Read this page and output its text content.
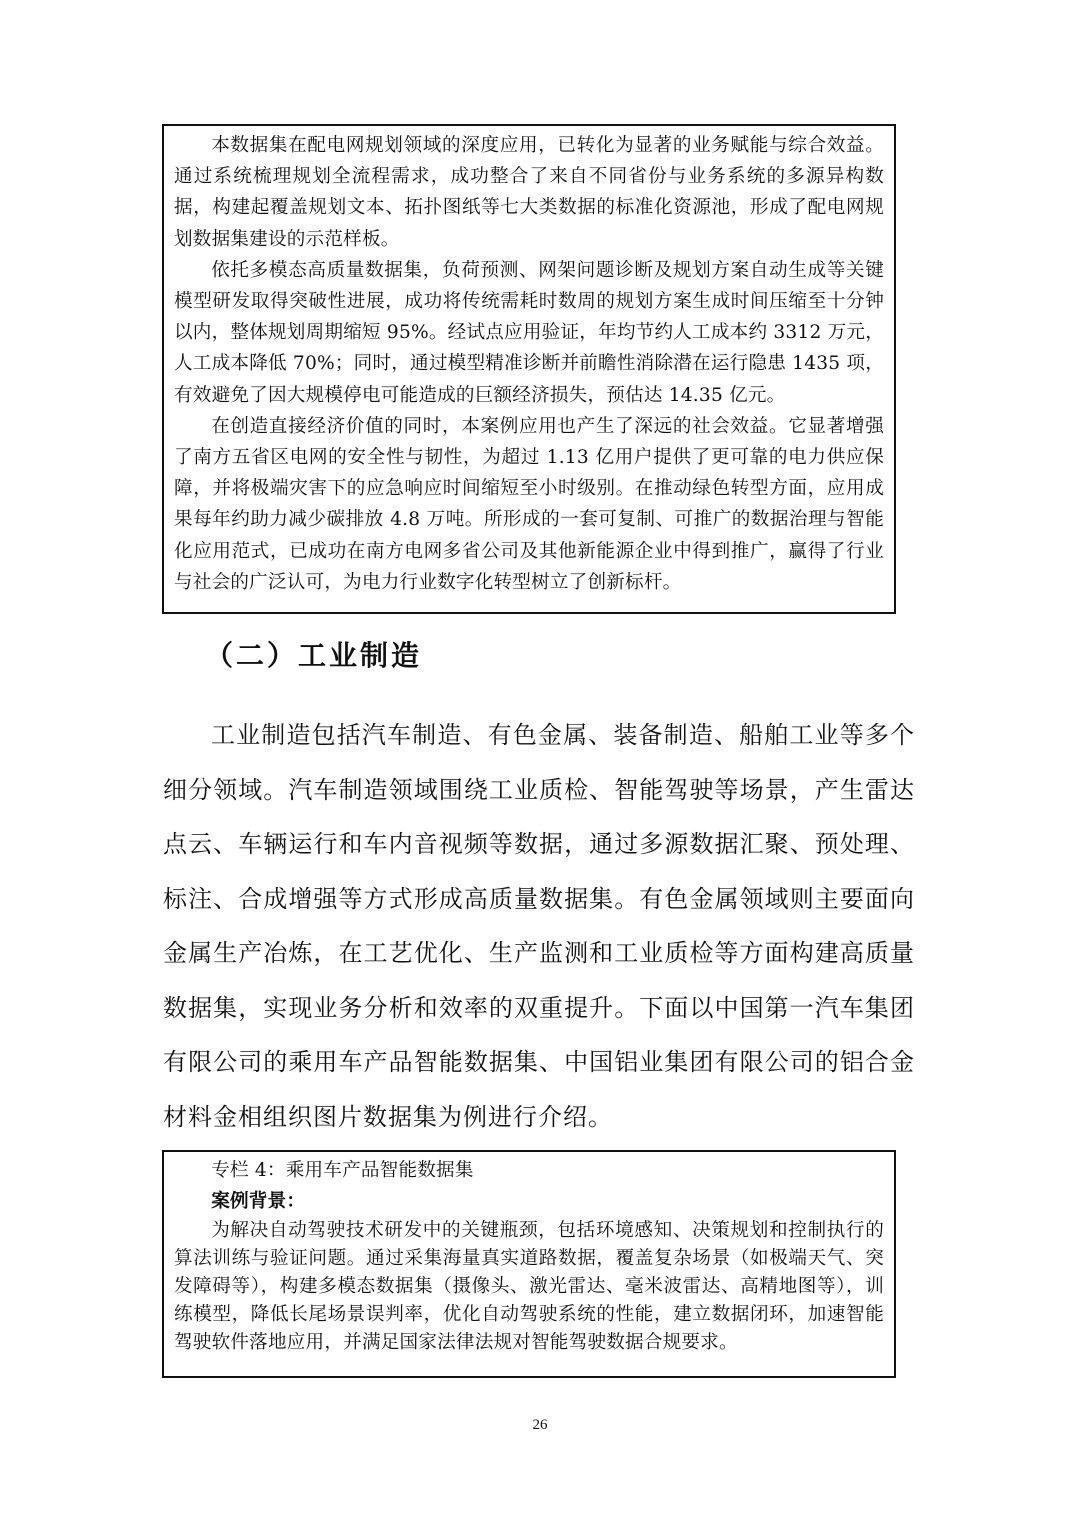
本数据集在配电网规划领域的深度应用，已转化为显著的业务赋能与综合效益。通过系统梳理规划全流程需求，成功整合了来自不同省份与业务系统的多源异构数据，构建起覆盖规划文本、拓扑图纸等七大类数据的标准化资源池，形成了配电网规划数据集建设的示范样板。

依托多模态高质量数据集，负荷预测、网架问题诊断及规划方案自动生成等关键模型研发取得突破性进展，成功将传统需耗时数周的规划方案生成时间压缩至十分钟以内，整体规划周期缩短 95%。经试点应用验证，年均节约人工成本约 3312 万元，人工成本降低 70%；同时，通过模型精准诊断并前瞻性消除潜在运行隐患 1435 项，有效避免了因大规模停电可能造成的巨额经济损失，预估达 14.35 亿元。

在创造直接经济价值的同时，本案例应用也产生了深远的社会效益。它显著增强了南方五省区电网的安全性与韧性，为超过 1.13 亿用户提供了更可靠的电力供应保障，并将极端灾害下的应急响应时间缩短至小时级别。在推动绿色转型方面，应用成果每年约助力减少碳排放 4.8 万吨。所形成的一套可复制、可推广的数据治理与智能化应用范式，已成功在南方电网多省公司及其他新能源企业中得到推广，赢得了行业与社会的广泛认可，为电力行业数字化转型树立了创新标杆。

（二）工业制造

工业制造包括汽车制造、有色金属、装备制造、船舶工业等多个细分领域。汽车制造领域围绕工业质检、智能驾驶等场景，产生雷达点云、车辆运行和车内音视频等数据，通过多源数据汇聚、预处理、标注、合成增强等方式形成高质量数据集。有色金属领域则主要面向金属生产冶炼，在工艺优化、生产监测和工业质检等方面构建高质量数据集，实现业务分析和效率的双重提升。下面以中国第一汽车集团有限公司的乘用车产品智能数据集、中国铝业集团有限公司的铝合金材料金相组织图片数据集为例进行介绍。

专栏 4：乘用车产品智能数据集

案例背景：

为解决自动驾驶技术研发中的关键瓶颈，包括环境感知、决策规划和控制执行的算法训练与验证问题。通过采集海量真实道路数据，覆盖复杂场景（如极端天气、突发障碍等），构建多模态数据集（摄像头、激光雷达、毫米波雷达、高精地图等），训练模型，降低长尾场景误判率，优化自动驾驶系统的性能，建立数据闭环，加速智能驾驶软件落地应用，并满足国家法律法规对智能驾驶数据合规要求。

26
